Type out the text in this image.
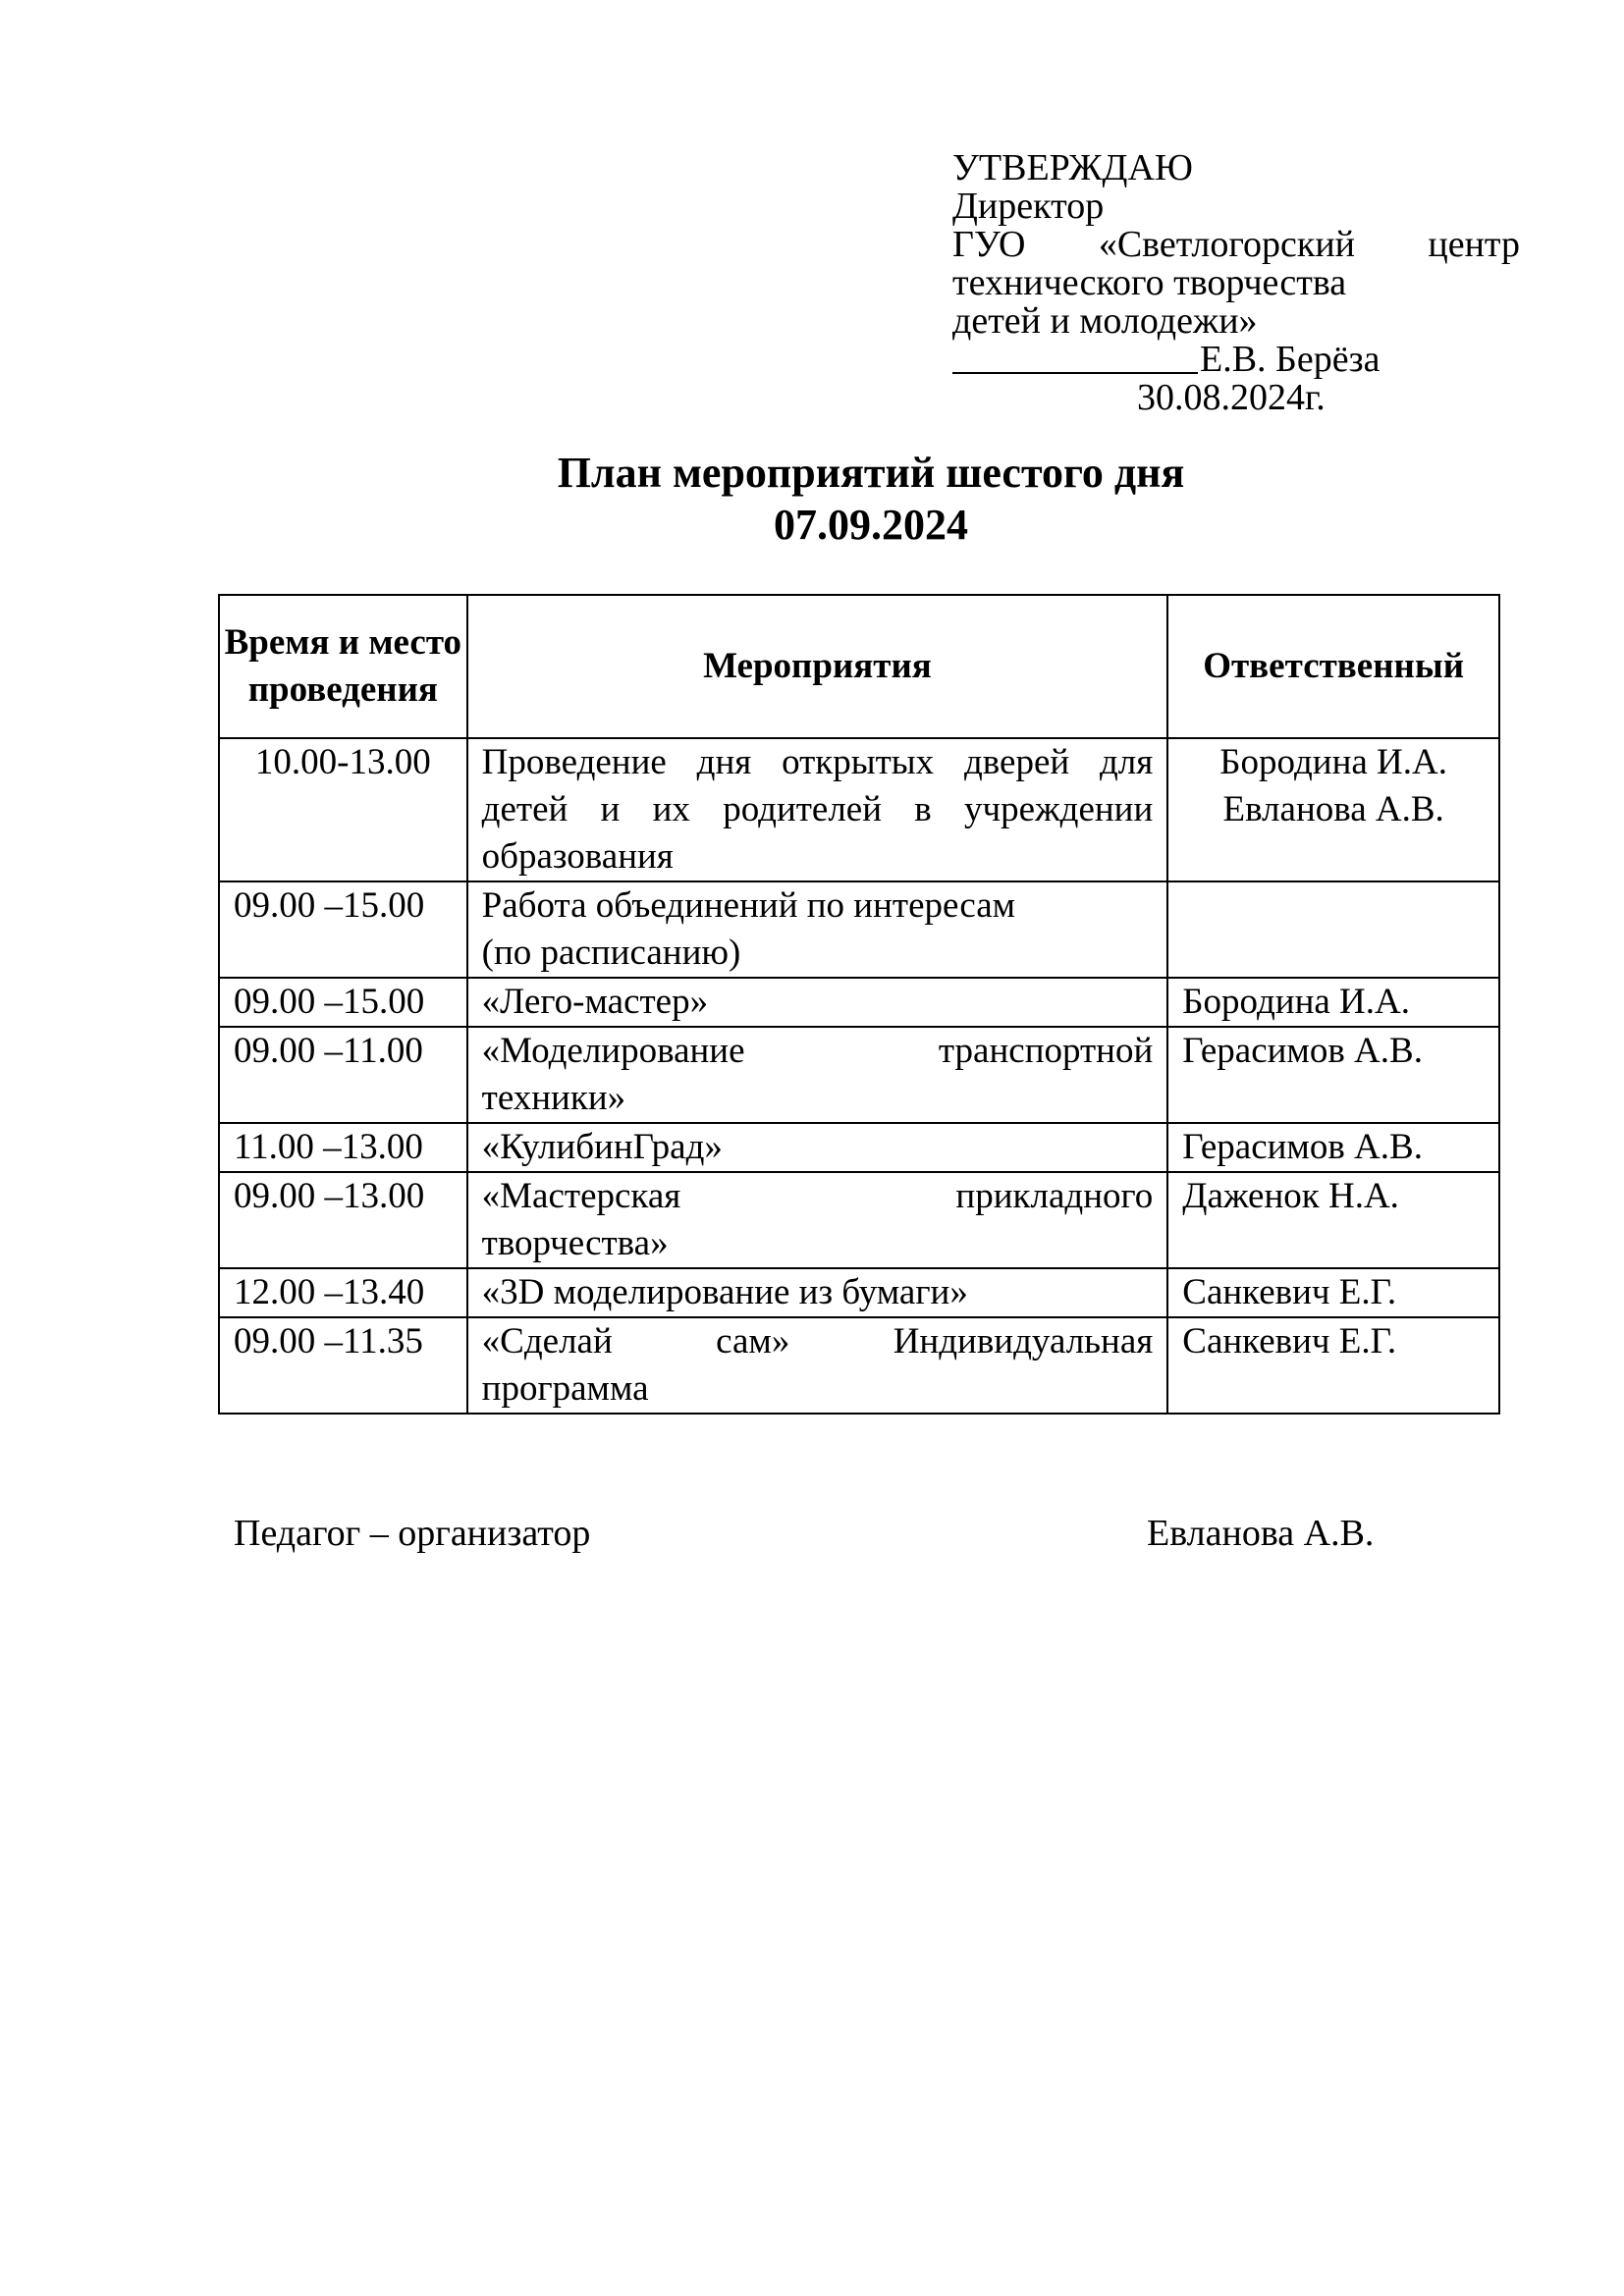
УТВЕРЖДАЮ
Директор
ГУО «Светлогорский центр
технического творчества
детей и молодежи»
Е.В. Берёза
30.08.2024г.
План мероприятий шестого дня
07.09.2024
Время и место проведения	Мероприятия	Ответственный
10.00-13.00	Проведение дня открытых дверей для детей и их родителей в учреждении образования	Бородина И.А.
Евланова А.В.

09.00 –15.00	Работа объединений по интересам
(по расписанию)	

09.00 –15.00	«Лего-мастер»	Бородина И.А.
09.00 –11.00	«Моделирование транспортной
техники»	Герасимов А.В.
11.00 –13.00	«КулибинГрад»	Герасимов А.В.
09.00 –13.00	«Мастерская прикладного
творчества»	Даженок Н.А.
12.00 –13.40	«3D моделирование из бумаги»	Санкевич Е.Г.
09.00 –11.35	«Сделай сам» Индивидуальная
программа	Санкевич Е.Г.
Педагог – организатор	Евланова А.В.
